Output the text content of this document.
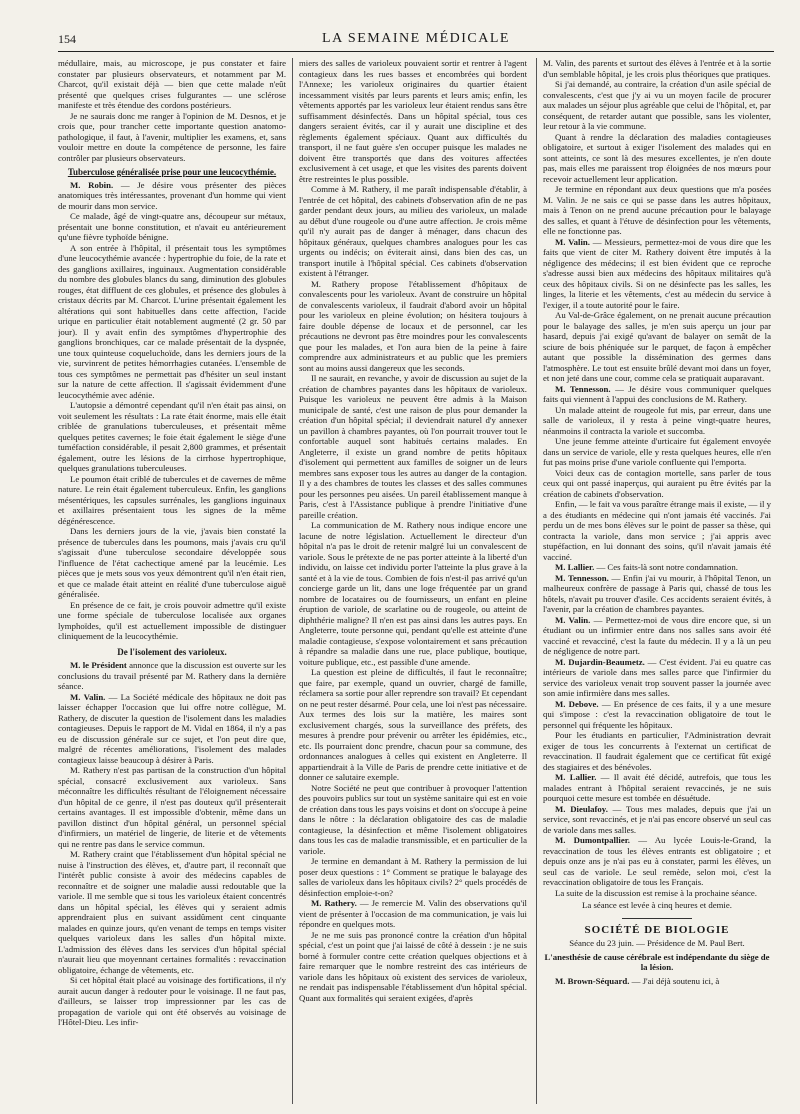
154	LA SEMAINE MÉDICALE

médullaire, mais, au microscope, je pus constater et faire constater par plusieurs observateurs, et notamment par M. Charcot, qu'il existait déjà — bien que cette malade n'eût présenté que quelques crises fulgurantes — une sclérose manifeste et très étendue des cordons postérieurs.

Je ne saurais donc me ranger à l'opinion de M. Desnos, et je crois que, pour trancher cette importante question anatomo-pathologique, il faut, à l'avenir, multiplier les examens, et, sans vouloir mettre en doute la compétence de personne, les faire contrôler par plusieurs observateurs.

Tuberculose généralisée prise pour une leucocythémie.

M. Robin. — Je désire vous présenter des pièces anatomiques très intéressantes, provenant d'un homme qui vient de mourir dans mon service.

Ce malade, âgé de vingt-quatre ans, découpeur sur métaux, présentait une bonne constitution, et n'avait eu antérieurement qu'une fièvre typhoïde bénigne.

A son entrée à l'hôpital, il présentait tous les symptômes d'une leucocythémie avancée : hypertrophie du foie, de la rate et des ganglions axillaires, inguinaux. Augmentation considérable du nombre des globules blancs du sang, diminution des globules rouges, état diffluent de ces globules, et présence des globules à cristaux décrits par M. Charcot. L'urine présentait également les altérations qui sont habituelles dans cette affection, l'acide urique en particulier était notablement augmenté (2 gr. 50 par jour). Il y avait enfin des symptômes d'hypertrophie des ganglions bronchiques, car ce malade présentait de la dyspnée, une toux quinteuse coqueluchoïde, dans les derniers jours de la vie, survinrent de petites hémorrhagies cutanées. L'ensemble de tous ces symptômes ne permettait pas d'hésiter un seul instant sur la nature de cette affection. Il s'agissait évidemment d'une leucocythémie avec adénie.

L'autopsie a démontré cependant qu'il n'en était pas ainsi, on voit seulement les résultats : La rate était énorme, mais elle était criblée de granulations tuberculeuses, et présentait même quelques petites cavernes; le foie était également le siège d'une tuméfaction considérable, il pesait 2,800 grammes, et présentait également, outre les lésions de la cirrhose hypertrophique, quelques granulations tuberculeuses.

Le poumon était criblé de tubercules et de cavernes de même nature. Le rein était également tuberculeux. Enfin, les ganglions mésentériques, les capsules surrénales, les ganglions inguinaux et axillaires présentaient tous les signes de la même dégénérescence.

Dans les derniers jours de la vie, j'avais bien constaté la présence de tubercules dans les poumons, mais j'avais cru qu'il s'agissait d'une tuberculose secondaire développée sous l'influence de l'état cachectique amené par la leucémie. Les pièces que je mets sous vos yeux démontrent qu'il n'en était rien, et que ce malade était atteint en réalité d'une tuberculose aiguë généralisée.

En présence de ce fait, je crois pouvoir admettre qu'il existe une forme spéciale de tuberculose localisée aux organes lymphoïdes, qu'il est actuellement impossible de distinguer cliniquement de la leucocythémie.

De l'isolement des varioleux.

M. le Président annonce que la discussion est ouverte sur les conclusions du travail présenté par M. Rathery dans la dernière séance.

M. Valin. — La Société médicale des hôpitaux ne doit pas laisser échapper l'occasion que lui offre notre collègue, M. Rathery, de discuter la question de l'isolement dans les maladies contagieuses. Depuis le rapport de M. Vidal en 1864, il n'y a pas eu de discussion générale sur ce sujet, et l'on peut dire que, malgré de récentes améliorations, l'isolement des malades contagieux laisse beaucoup à désirer à Paris.

M. Rathery n'est pas partisan de la construction d'un hôpital spécial, consacré exclusivement aux varioleux. Sans méconnaître les difficultés résultant de l'éloignement nécessaire d'un hôpital de ce genre, il n'est pas douteux qu'il présenterait certains avantages. Il est impossible d'obtenir, même dans un pavillon distinct d'un hôpital général, un personnel spécial d'infirmiers, un matériel de lingerie, de literie et de vêtements qui ne rentre pas dans le service commun.

M. Rathery craint que l'établissement d'un hôpital spécial ne nuise à l'instruction des élèves, et, d'autre part, il reconnaît que l'intérêt public consiste à avoir des médecins capables de reconnaître et de soigner une maladie aussi redoutable que la variole. Il me semble que si tous les varioleux étaient concentrés dans un hôpital spécial, les élèves qui y seraient admis apprendraient plus en suivant assidûment cent cinquante malades en quinze jours, qu'en venant de temps en temps visiter quelques varioleux dans les salles d'un hôpital mixte. L'admission des élèves dans les services d'un hôpital spécial n'aurait lieu que moyennant certaines formalités : revaccination obligatoire, échange de vêtements, etc.

Si cet hôpital était placé au voisinage des fortifications, il n'y aurait aucun danger à redouter pour le voisinage. Il ne faut pas, d'ailleurs, se laisser trop impressionner par les cas de propagation de variole qui ont été observés au voisinage de l'Hôtel-Dieu. Les infir-

miers des salles de varioleux pouvaient sortir et rentrer à l'agent contagieux dans les rues basses et encombrées qui bordent l'Annexe; les varioleux originaires du quartier étaient incessamment visités par leurs parents et leurs amis; enfin, les vêtements apportés par les varioleux leur étaient rendus sans être suffisamment désinfectés. Dans un hôpital spécial, tous ces dangers seraient évités, car il y aurait une discipline et des règlements également spéciaux. Quant aux difficultés du transport, il ne faut guère s'en occuper puisque les malades ne doivent être transportés que dans des voitures affectées exclusivement à cet usage, et que les visites des parents doivent être restreintes le plus possible.

Comme à M. Rathery, il me paraît indispensable d'établir, à l'entrée de cet hôpital, des cabinets d'observation afin de ne pas garder pendant deux jours, au milieu des varioleux, un malade au début d'une rougeole ou d'une autre affection. Je crois même qu'il n'y aurait pas de danger à ménager, dans chacun des hôpitaux généraux, quelques chambres analogues pour les cas urgents ou indécis; on éviterait ainsi, dans bien des cas, un transport inutile à l'hôpital spécial. Ces cabinets d'observation existent à l'étranger.

M. Rathery propose l'établissement d'hôpitaux de convalescents pour les varioleux. Avant de construire un hôpital de convalescents varioleux, il faudrait d'abord avoir un hôpital pour les varioleux en pleine évolution; on hésitera toujours à faire double dépense de locaux et de personnel, car les précautions ne devront pas être moindres pour les convalescents que pour les malades, et l'on aura bien de la peine à faire comprendre aux administrateurs et au public que les premiers sont au moins aussi dangereux que les seconds.

Il ne saurait, en revanche, y avoir de discussion au sujet de la création de chambres payantes dans les hôpitaux de varioleux. Puisque les varioleux ne peuvent être admis à la Maison municipale de santé, c'est une raison de plus pour demander la création d'un hôpital spécial; il deviendrait naturel d'y annexer un pavillon à chambres payantes, où l'on pourrait trouver tout le confortable auquel sont habitués certains malades. En Angleterre, il existe un grand nombre de petits hôpitaux d'isolement qui permettent aux familles de soigner un de leurs membres sans exposer tous les autres au danger de la contagion. Il y a des chambres de toutes les classes et des salles communes pour les personnes peu aisées. Un pareil établissement manque à Paris, c'est à l'Assistance publique à prendre l'initiative d'une pareille création.

La communication de M. Rathery nous indique encore une lacune de notre législation. Actuellement le directeur d'un hôpital n'a pas le droit de retenir malgré lui un convalescent de variole. Sous le prétexte de ne pas porter atteinte à la liberté d'un individu, on laisse cet individu porter l'atteinte la plus grave à la santé et à la vie de tous. Combien de fois n'est-il pas arrivé qu'un concierge garde un lit, dans une loge fréquentée par un grand nombre de locataires ou de fournisseurs, un enfant en pleine éruption de variole, de scarlatine ou de rougeole, ou atteint de diphthérie maligne? Il n'en est pas ainsi dans les autres pays. En Angleterre, toute personne qui, pendant qu'elle est atteinte d'une maladie contagieuse, s'expose volontairement et sans précaution à répandre sa maladie dans une rue, place publique, boutique, voiture publique, etc., est passible d'une amende.

La question est pleine de difficultés, il faut le reconnaître; que faire, par exemple, quand un ouvrier, chargé de famille, réclamera sa sortie pour aller reprendre son travail? Et cependant on ne peut rester désarmé. Pour cela, une loi n'est pas nécessaire. Aux termes des lois sur la matière, les maires sont exclusivement chargés, sous la surveillance des préfets, des mesures à prendre pour prévenir ou arrêter les épidémies, etc., etc. Ils pourraient donc prendre, chacun pour sa commune, des ordonnances analogues à celles qui existent en Angleterre. Il appartiendrait à la Ville de Paris de prendre cette initiative et de donner ce salutaire exemple.

Notre Société ne peut que contribuer à provoquer l'attention des pouvoirs publics sur tout un système sanitaire qui est en voie de création dans tous les pays voisins et dont on s'occupe à peine dans le nôtre : la déclaration obligatoire des cas de maladie contagieuse, la désinfection et même l'isolement obligatoires dans tous les cas de maladie transmissible, et en particulier de la variole.

Je termine en demandant à M. Rathery la permission de lui poser deux questions : 1° Comment se pratique le balayage des salles de varioleux dans les hôpitaux civils? 2° quels procédés de désinfection emploie-t-on?

M. Rathery. — Je remercie M. Valin des observations qu'il vient de présenter à l'occasion de ma communication, je vais lui répondre en quelques mots.

Je ne me suis pas prononcé contre la création d'un hôpital spécial, c'est un point que j'ai laissé de côté à dessein : je ne suis borné à formuler contre cette création quelques objections et à faire remarquer que le nombre restreint des cas intérieurs de variole dans les hôpitaux où existent des services de varioleux, ne rendait pas indispensable l'établissement d'un hôpital spécial. Quant aux formalités qui seraient exigées, d'après

M. Valin, des parents et surtout des élèves à l'entrée et à la sortie d'un semblable hôpital, je les crois plus théoriques que pratiques.

Si j'ai demandé, au contraire, la création d'un asile spécial de convalescents, c'est que j'y ai vu un moyen facile de procurer aux malades un séjour plus agréable que celui de l'hôpital, et, par conséquent, de retarder autant que possible, sans les violenter, leur retour à la vie commune.

Quant à rendre la déclaration des maladies contagieuses obligatoire, et surtout à exiger l'isolement des malades qui en sont atteints, ce sont là des mesures excellentes, je n'en doute pas, mais elles me paraissent trop éloignées de nos mœurs pour recevoir actuellement leur application.

Je termine en répondant aux deux questions que m'a posées M. Valin. Je ne sais ce qui se passe dans les autres hôpitaux, mais à Tenon on ne prend aucune précaution pour le balayage des salles, et quant à l'étuve de désinfection pour les vêtements, elle ne fonctionne pas.

M. Valin. — Messieurs, permettez-moi de vous dire que les faits que vient de citer M. Rathery doivent être imputés à la négligence des médecins; il est bien évident que ce reproche s'adresse aussi bien aux médecins des hôpitaux militaires qu'à ceux des hôpitaux civils. Si on ne désinfecte pas les salles, les linges, la literie et les vêtements, c'est au médecin du service à l'exiger, il a toute autorité pour le faire.

Au Val-de-Grâce également, on ne prenait aucune précaution pour le balayage des salles, je m'en suis aperçu un jour par hasard, depuis j'ai exigé qu'avant de balayer on semât de la sciure de bois phéniquée sur le parquet, de façon à empêcher autant que possible la dissémination des germes dans l'atmosphère. Le tout est ensuite brûlé devant moi dans un foyer, et non jeté dans une cour, comme cela se pratiquait auparavant.

M. Tennesson. — Je désire vous communiquer quelques faits qui viennent à l'appui des conclusions de M. Rathery.

Un malade atteint de rougeole fut mis, par erreur, dans une salle de varioleux, il y resta à peine vingt-quatre heures, néanmoins il contracta la variole et succomba.

Une jeune femme atteinte d'urticaire fut également envoyée dans un service de variole, elle y resta quelques heures, elle n'en fut pas moins prise d'une variole confluente qui l'emporta.

Voici deux cas de contagion mortelle, sans parler de tous ceux qui ont passé inaperçus, qui auraient pu être évités par la création de cabinets d'observation.

Enfin, — le fait va vous paraître étrange mais il existe, — il y a des étudiants en médecine qui n'ont jamais été vaccinés. J'ai perdu un de mes bons élèves sur le point de passer sa thèse, qui contracta la variole, dans mon service ; j'ai appris avec stupéfaction, en lui donnant des soins, qu'il n'avait jamais été vacciné.

M. Lallier. — Ces faits-là sont notre condamnation.

M. Tennesson. — Enfin j'ai vu mourir, à l'hôpital Tenon, un malheureux confrère de passage à Paris qui, chassé de tous les hôtels, n'avait pu trouver d'asile. Ces accidents seraient évités, à l'avenir, par la création de chambres payantes.

M. Valin. — Permettez-moi de vous dire encore que, si un étudiant ou un infirmier entre dans nos salles sans avoir été vacciné et revacciné, c'est la faute du médecin. Il y a là un peu de négligence de notre part.

M. Dujardin-Beaumetz. — C'est évident. J'ai eu quatre cas intérieurs de variole dans mes salles parce que l'infirmier du service des varioleux venait trop souvent passer la journée avec son amie infirmière dans mes salles.

M. Debove. — En présence de ces faits, il y a une mesure qui s'impose : c'est la revaccination obligatoire de tout le personnel qui fréquente les hôpitaux.

Pour les étudiants en particulier, l'Administration devrait exiger de tous les concurrents à l'externat un certificat de revaccination. Il faudrait également que ce certificat fût exigé des stagiaires et des bénévoles.

M. Lallier. — Il avait été décidé, autrefois, que tous les malades entrant à l'hôpital seraient revaccinés, je ne suis pourquoi cette mesure est tombée en désuétude.

M. Dieulafoy. — Tous mes malades, depuis que j'ai un service, sont revaccinés, et je n'ai pas encore observé un seul cas de variole dans mes salles.

M. Dumontpallier. — Au lycée Louis-le-Grand, la revaccination de tous les élèves entrants est obligatoire ; et depuis onze ans je n'ai pas eu à constater, parmi les élèves, un seul cas de variole. Le seul remède, selon moi, c'est la revaccination obligatoire de tous les Français.

La suite de la discussion est remise à la prochaine séance.

La séance est levée à cinq heures et demie.
SOCIÉTÉ DE BIOLOGIE
Séance du 23 juin. — Présidence de M. Paul Bert.
L'anesthésie de cause cérébrale est indépendante du siège de la lésion.

M. Brown-Séquard. — J'ai déjà soutenu ici, à
